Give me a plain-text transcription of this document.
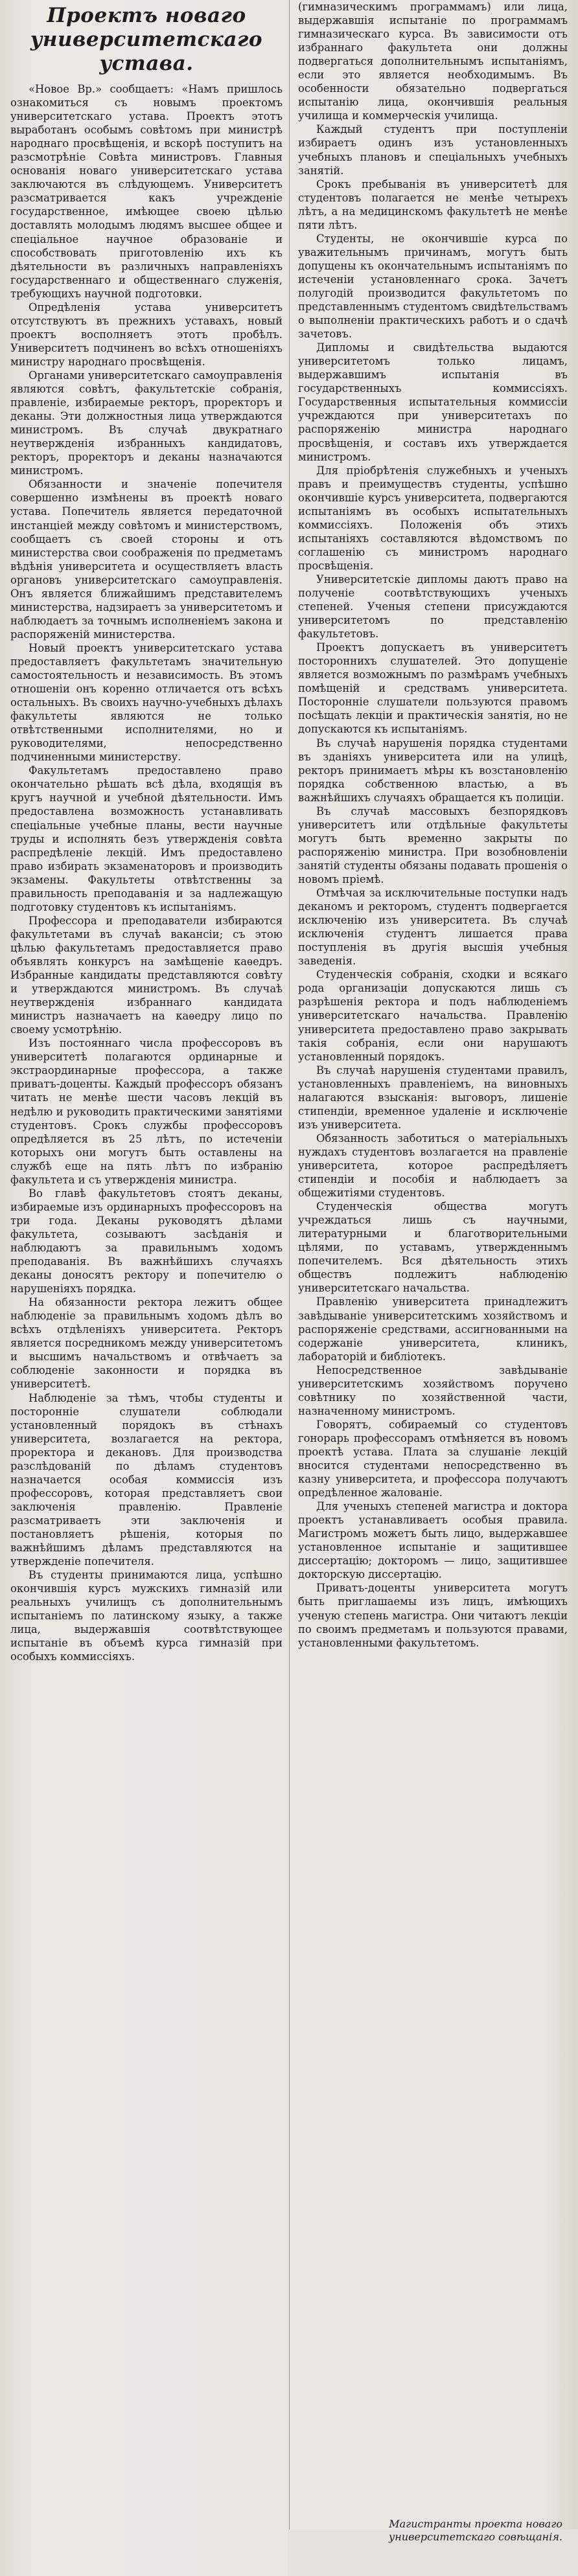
Проектъ новаго университетскаго устава.

«Новое Вр.» сообщаетъ: «Намъ пришлось ознакомиться съ новымъ проектомъ университетскаго устава. Проектъ этотъ выработанъ особымъ совѣтомъ при министрѣ народнаго просвѣщенія, и вскорѣ поступитъ на разсмотрѣніе Совѣта министровъ. Главныя основанія новаго университетскаго устава заключаются въ слѣдующемъ. Университетъ разсматривается какъ учрежденіе государственное, имѣющее своею цѣлью доставлять молодымъ людямъ высшее общее и спеціальное научное образованіе и способствовать приготовленію ихъ къ дѣятельности въ различныхъ направленіяхъ государственнаго и общественнаго служенія, требующихъ научной подготовки.

Опредѣленія устава университетъ отсутствуютъ въ прежнихъ уставахъ, новый проектъ восполняетъ этотъ пробѣлъ. Университетъ подчиненъ во всѣхъ отношеніяхъ министру народнаго просвѣщенія.

Органами университетскаго самоуправленія являются совѣтъ, факультетскіе собранія, правленіе, избираемые ректоръ, проректоръ и деканы. Эти должностныя лица утверждаются министромъ. Въ случаѣ двукратнаго неутвержденія избранныхъ кандидатовъ, ректоръ, проректоръ и деканы назначаются министромъ.

Обязанности и значеніе попечителя совершенно измѣнены въ проектѣ новаго устава. Попечитель является передаточной инстанціей между совѣтомъ и министерствомъ, сообщаетъ съ своей стороны и отъ министерства свои соображенія по предметамъ вѣдѣнія университета и осуществляетъ власть органовъ университетскаго самоуправленія. Онъ является ближайшимъ представителемъ министерства, надзираетъ за университетомъ и наблюдаетъ за точнымъ исполненіемъ закона и распоряженій министерства.

Новый проектъ университетскаго устава предоставляетъ факультетамъ значительную самостоятельность и независимость. Въ этомъ отношеніи онъ коренно отличается отъ всѣхъ остальныхъ. Въ своихъ научно-учебныхъ дѣлахъ факультеты являются не только отвѣтственными исполнителями, но и руководителями, непосредственно подчиненными министерству.

Факультетамъ предоставлено право окончательно рѣшать всѣ дѣла, входящія въ кругъ научной и учебной дѣятельности. Имъ предоставлена возможность устанавливать спеціальные учебные планы, вести научные труды и исполнять безъ утвержденія совѣта распредѣленіе лекцій. Имъ предоставлено право избирать экзаменаторовъ и производить экзамены. Факультеты отвѣтственны за правильность преподаванія и за надлежащую подготовку студентовъ къ испытаніямъ.

Профессора и преподаватели избираются факультетами въ случаѣ вакансіи; съ этою цѣлью факультетамъ предоставляется право объявлять конкурсъ на замѣщеніе каѳедръ. Избранные кандидаты представляются совѣту и утверждаются министромъ. Въ случаѣ неутвержденія избраннаго кандидата министръ назначаетъ на каѳедру лицо по своему усмотрѣнію.

Изъ постояннаго числа профессоровъ въ университетѣ полагаются ординарные и экстраординарные профессора, а также приватъ-доценты. Каждый профессоръ обязанъ читать не менѣе шести часовъ лекцій въ недѣлю и руководить практическими занятіями студентовъ. Срокъ службы профессоровъ опредѣляется въ 25 лѣтъ, по истеченіи которыхъ они могутъ быть оставлены на службѣ еще на пять лѣтъ по избранію факультета и съ утвержденія министра.

Во главѣ факультетовъ стоятъ деканы, избираемые изъ ординарныхъ профессоровъ на три года. Деканы руководятъ дѣлами факультета, созываютъ засѣданія и наблюдаютъ за правильнымъ ходомъ преподаванія. Въ важнѣйшихъ случаяхъ деканы доносятъ ректору и попечителю о нарушеніяхъ порядка.

На обязанности ректора лежитъ общее наблюденіе за правильнымъ ходомъ дѣлъ во всѣхъ отдѣленіяхъ университета. Ректоръ является посредникомъ между университетомъ и высшимъ начальствомъ и отвѣчаетъ за соблюденіе законности и порядка въ университетѣ.

Наблюденіе за тѣмъ, чтобы студенты и посторонніе слушатели соблюдали установленный порядокъ въ стѣнахъ университета, возлагается на ректора, проректора и декановъ. Для производства разслѣдованій по дѣламъ студентовъ назначается особая коммиссія изъ профессоровъ, которая представляетъ свои заключенія правленію. Правленіе разсматриваетъ эти заключенія и постановляетъ рѣшенія, которыя по важнѣйшимъ дѣламъ представляются на утвержденіе попечителя.

Въ студенты принимаются лица, успѣшно окончившія курсъ мужскихъ гимназій или реальныхъ училищъ съ дополнительнымъ испытаніемъ по латинскому языку, а также лица, выдержавшія соотвѣтствующее испытаніе въ объемѣ курса гимназій при особыхъ коммиссіяхъ.

(гимназическимъ программамъ) или лица, выдержавшія испытаніе по программамъ гимназическаго курса. Въ зависимости отъ избраннаго факультета они должны подвергаться дополнительнымъ испытаніямъ, если это является необходимымъ. Въ особенности обязательно подвергаться испытанію лица, окончившія реальныя училища и коммерческія училища.

Каждый студентъ при поступленіи избираетъ одинъ изъ установленныхъ учебныхъ плановъ и спеціальныхъ учебныхъ занятій.

Срокъ пребыванія въ университетѣ для студентовъ полагается не менѣе четырехъ лѣтъ, а на медицинскомъ факультетѣ не менѣе пяти лѣтъ.

Студенты, не окончившіе курса по уважительнымъ причинамъ, могутъ быть допущены къ окончательнымъ испытаніямъ по истеченіи установленнаго срока. Зачетъ полугодій производится факультетомъ по представленнымъ студентомъ свидѣтельствамъ о выполненіи практическихъ работъ и о сдачѣ зачетовъ.

Дипломы и свидѣтельства выдаются университетомъ только лицамъ, выдержавшимъ испытанія въ государственныхъ коммиссіяхъ. Государственныя испытательныя коммиссіи учреждаются при университетахъ по распоряженію министра народнаго просвѣщенія, и составъ ихъ утверждается министромъ.

Для пріобрѣтенія служебныхъ и ученыхъ правъ и преимуществъ студенты, успѣшно окончившіе курсъ университета, подвергаются испытаніямъ въ особыхъ испытательныхъ коммиссіяхъ. Положенія объ этихъ испытаніяхъ составляются вѣдомствомъ по соглашенію съ министромъ народнаго просвѣщенія.

Университетскіе дипломы даютъ право на полученіе соотвѣтствующихъ ученыхъ степеней. Ученыя степени присуждаются университетомъ по представленію факультетовъ.

Проектъ допускаетъ въ университетъ постороннихъ слушателей. Это допущеніе является возможнымъ по размѣрамъ учебныхъ помѣщеній и средствамъ университета. Посторонніе слушатели пользуются правомъ посѣщать лекціи и практическія занятія, но не допускаются къ испытаніямъ.

Въ случаѣ нарушенія порядка студентами въ зданіяхъ университета или на улицѣ, ректоръ принимаетъ мѣры къ возстановленію порядка собственною властью, а въ важнѣйшихъ случаяхъ обращается къ полиціи.

Въ случаѣ массовыхъ безпорядковъ университетъ или отдѣльные факультеты могутъ быть временно закрыты по распоряженію министра. При возобновленіи занятій студенты обязаны подавать прошенія о новомъ пріемѣ.

Отмѣчая за исключительные поступки надъ деканомъ и ректоромъ, студентъ подвергается исключенію изъ университета. Въ случаѣ исключенія студентъ лишается права поступленія въ другія высшія учебныя заведенія.

Студенческія собранія, сходки и всякаго рода организаціи допускаются лишь съ разрѣшенія ректора и подъ наблюденіемъ университетскаго начальства. Правленію университета предоставлено право закрывать такія собранія, если они нарушаютъ установленный порядокъ.

Въ случаѣ нарушенія студентами правилъ, установленныхъ правленіемъ, на виновныхъ налагаются взысканія: выговоръ, лишеніе стипендіи, временное удаленіе и исключеніе изъ университета.

Обязанность заботиться о матеріальныхъ нуждахъ студентовъ возлагается на правленіе университета, которое распредѣляетъ стипендіи и пособія и наблюдаетъ за общежитіями студентовъ.

Студенческія общества могутъ учреждаться лишь съ научными, литературными и благотворительными цѣлями, по уставамъ, утвержденнымъ попечителемъ. Вся дѣятельность этихъ обществъ подлежитъ наблюденію университетскаго начальства.

Правленію университета принадлежитъ завѣдываніе университетскимъ хозяйствомъ и распоряженіе средствами, ассигнованными на содержаніе университета, клиникъ, лабораторій и библіотекъ.

Непосредственное завѣдываніе университетскимъ хозяйствомъ поручено совѣтнику по хозяйственной части, назначенному министромъ.

Говорятъ, собираемый со студентовъ гонорарь профессорамъ отмѣняется въ новомъ проектѣ устава. Плата за слушаніе лекцій вносится студентами непосредственно въ казну университета, и профессора получаютъ опредѣленное жалованіе.

Для ученыхъ степеней магистра и доктора проектъ устанавливаетъ особыя правила. Магистромъ можетъ быть лицо, выдержавшее установленное испытаніе и защитившее диссертацію; докторомъ — лицо, защитившее докторскую диссертацію.

Приватъ-доценты университета могутъ быть приглашаемы изъ лицъ, имѣющихъ ученую степень магистра. Они читаютъ лекціи по своимъ предметамъ и пользуются правами, установленными факультетомъ.

Магистранты проекта новаго университетскаго совѣщанія.
